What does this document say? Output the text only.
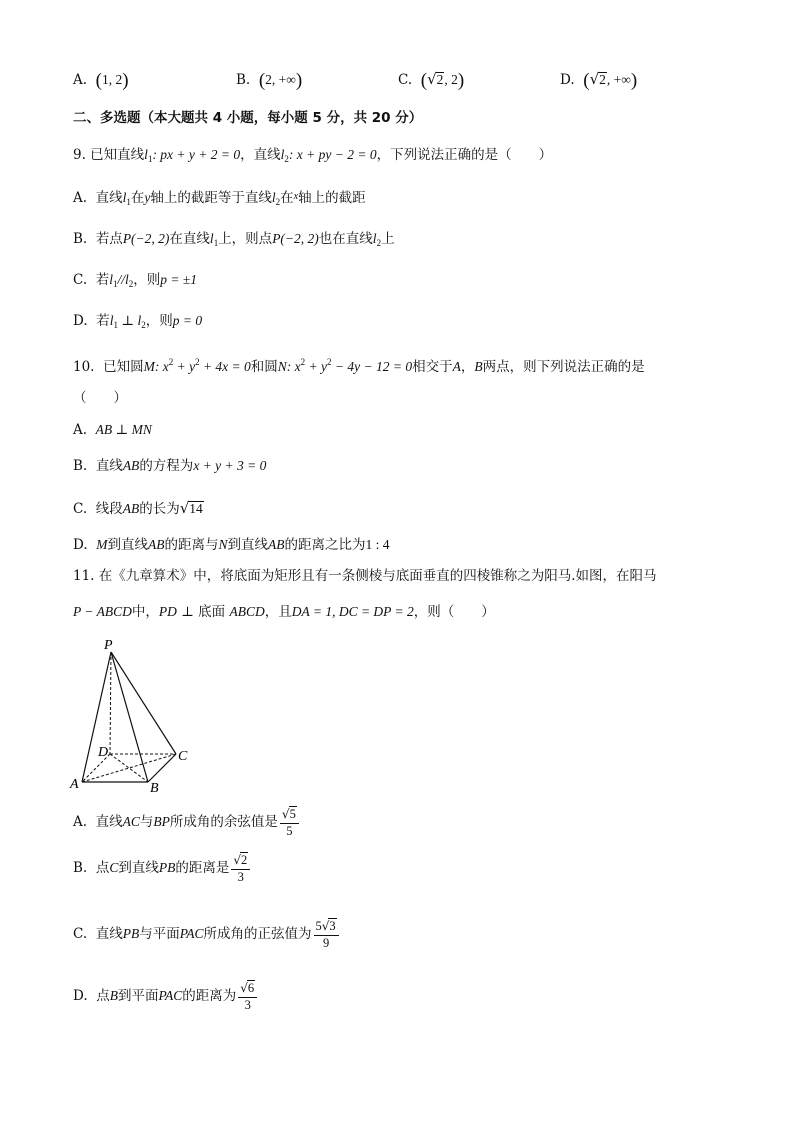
A. (1, 2)	B. (2, +∞)	C. (√2, 2)	D. (√2, +∞)
二、多选题（本大题共 4 小题，每小题 5 分，共 20 分）
9. 已知直线$l_1$: px + y + 2 = 0，直线$l_2$: x + py − 2 = 0，下列说法正确的是（　　）
A. 直线$l_1$在y轴上的截距等于直线$l_2$在$^x$轴上的截距
B. 若点P(−2, 2)在直线$l_1$上，则点P(−2, 2)也在直线$l_2$上
C. 若$l_1//l_2$，则p = ±1
D. 若$l_1$ ⊥ $l_2$，则p = 0
10. 已知圆M: $x^2 + y^2 + 4x = 0$和圆N: $x^2 + y^2 - 4y - 12 = 0$相交于A，B两点，则下列说法正确的是
（　　）
A. AB ⊥ MN
B. 直线AB的方程为x + y + 3 = 0
C. 线段AB的长为√14
D. M到直线AB的距离与N到直线AB的距离之比为1 : 4
11. 在《九章算术》中，将底面为矩形且有一条侧棱与底面垂直的四棱锥称之为阳马.如图，在阳马
P − ABCD中，PD ⊥ 底面 ABCD，且DA = 1, DC = DP = 2，则（　　）
P
D	C
A	B
A. 直线AC与BP所成角的余弦值是 $\frac{√5}{5}$
B. 点C到直线PB的距离是 $\frac{√2}{3}$
C. 直线PB与平面PAC所成角的正弦值为 $\frac{5√3}{9}$
D. 点B到平面PAC的距离为 $\frac{√6}{3}$
